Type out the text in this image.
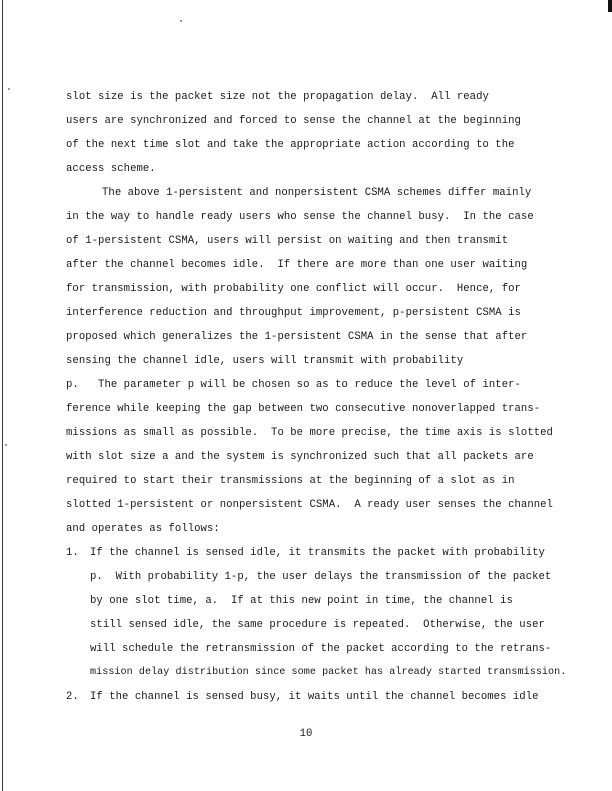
slot size is the packet size not the propagation delay.  All ready
users are synchronized and forced to sense the channel at the beginning
of the next time slot and take the appropriate action according to the
access scheme.
The above 1-persistent and nonpersistent CSMA schemes differ mainly
in the way to handle ready users who sense the channel busy.  In the case
of 1-persistent CSMA, users will persist on waiting and then transmit
after the channel becomes idle.  If there are more than one user waiting
for transmission, with probability one conflict will occur.  Hence, for
interference reduction and throughput improvement, p-persistent CSMA is
proposed which generalizes the 1-persistent CSMA in the sense that after
sensing the channel idle, users will transmit with probability
p.   The parameter p will be chosen so as to reduce the level of inter-
ference while keeping the gap between two consecutive nonoverlapped trans-
missions as small as possible.  To be more precise, the time axis is slotted
with slot size a and the system is synchronized such that all packets are
required to start their transmissions at the beginning of a slot as in
slotted 1-persistent or nonpersistent CSMA.  A ready user senses the channel
and operates as follows:
1. If the channel is sensed idle, it transmits the packet with probability
p.  With probability 1-p, the user delays the transmission of the packet
by one slot time, a.  If at this new point in time, the channel is
still sensed idle, the same procedure is repeated.  Otherwise, the user
will schedule the retransmission of the packet according to the retrans-
mission delay distribution since some packet has already started transmission.
2. If the channel is sensed busy, it waits until the channel becomes idle
10
